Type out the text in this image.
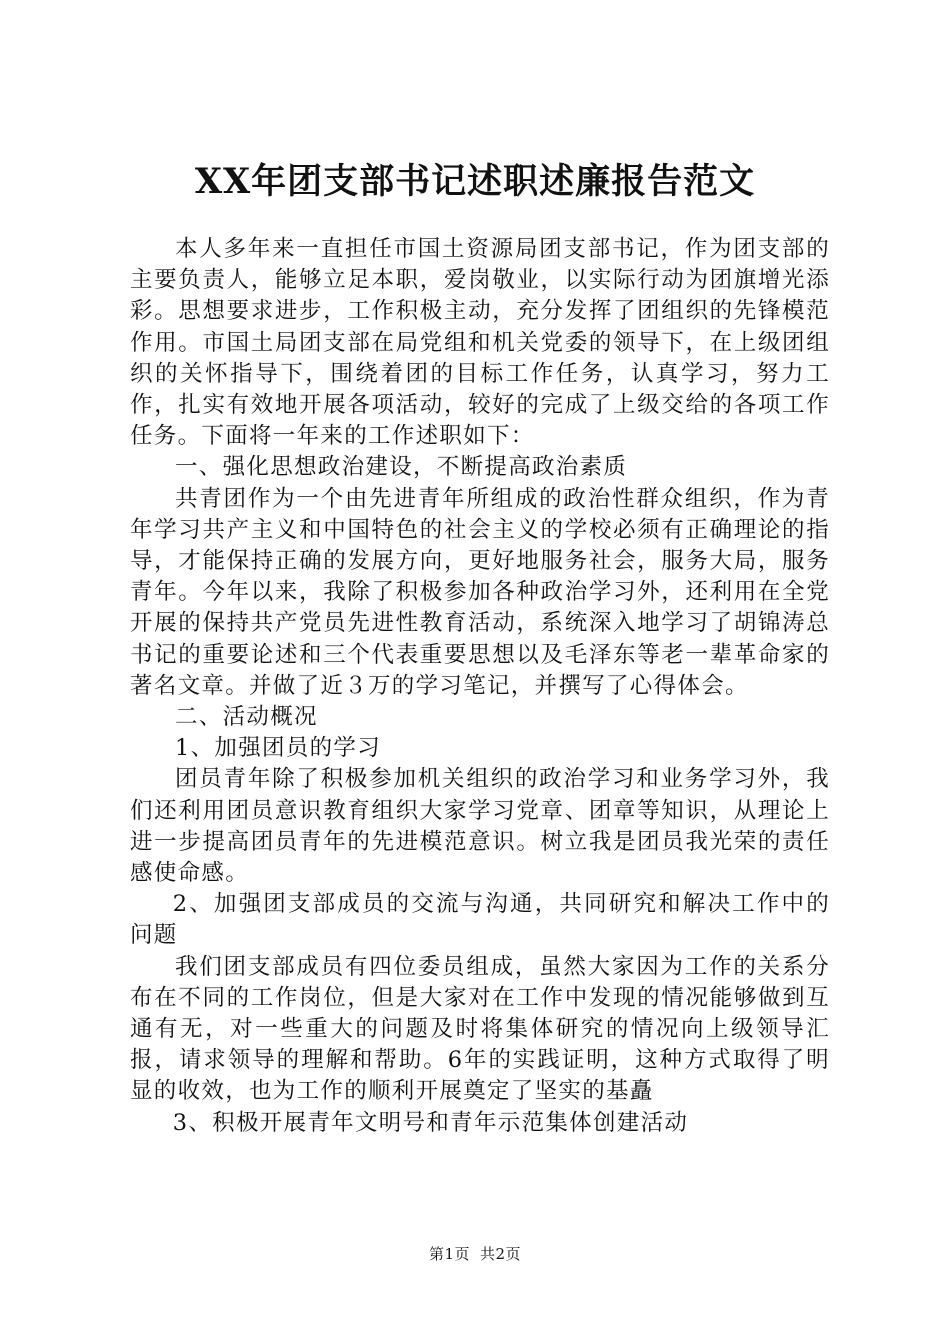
XX年团支部书记述职述廉报告范文

本人多年来一直担任市国土资源局团支部书记，作为团支部的主要负责人，能够立足本职，爱岗敬业，以实际行动为团旗增光添彩。思想要求进步，工作积极主动，充分发挥了团组织的先锋模范作用。市国土局团支部在局党组和机关党委的领导下，在上级团组织的关怀指导下，围绕着团的目标工作任务，认真学习，努力工作，扎实有效地开展各项活动，较好的完成了上级交给的各项工作任务。下面将一年来的工作述职如下：

一、强化思想政治建设，不断提高政治素质

共青团作为一个由先进青年所组成的政治性群众组织，作为青年学习共产主义和中国特色的社会主义的学校必须有正确理论的指导，才能保持正确的发展方向，更好地服务社会，服务大局，服务青年。今年以来，我除了积极参加各种政治学习外，还利用在全党开展的保持共产党员先进性教育活动，系统深入地学习了胡锦涛总书记的重要论述和三个代表重要思想以及毛泽东等老一辈革命家的著名文章。并做了近３万的学习笔记，并撰写了心得体会。

二、活动概况

1、加强团员的学习

团员青年除了积极参加机关组织的政治学习和业务学习外，我们还利用团员意识教育组织大家学习党章、团章等知识，从理论上进一步提高团员青年的先进模范意识。树立我是团员我光荣的责任感使命感。

2、加强团支部成员的交流与沟通，共同研究和解决工作中的问题

我们团支部成员有四位委员组成，虽然大家因为工作的关系分布在不同的工作岗位，但是大家对在工作中发现的情况能够做到互通有无，对一些重大的问题及时将集体研究的情况向上级领导汇报，请求领导的理解和帮助。6年的实践证明，这种方式取得了明显的收效，也为工作的顺利开展奠定了坚实的基矗

3、积极开展青年文明号和青年示范集体创建活动

第1页 共2页
